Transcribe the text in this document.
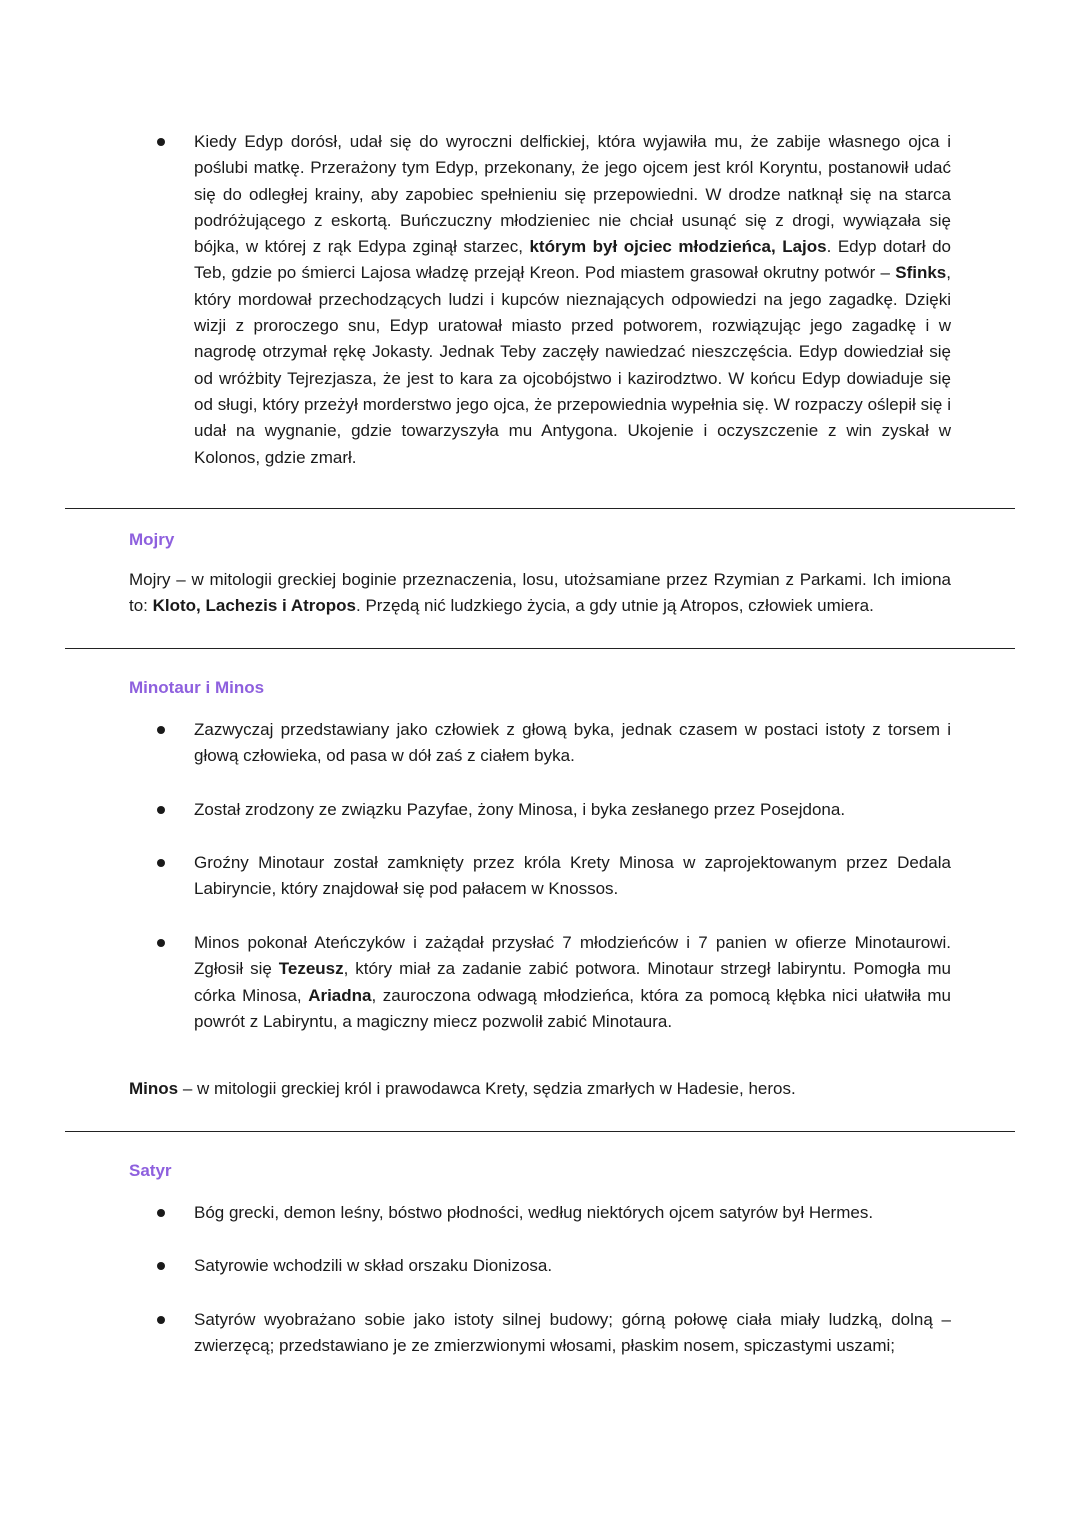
Kiedy Edyp dorósł, udał się do wyroczni delfickiej, która wyjawiła mu, że zabije własnego ojca i poślubi matkę. Przerażony tym Edyp, przekonany, że jego ojcem jest król Koryntu, postanowił udać się do odległej krainy, aby zapobiec spełnieniu się przepowiedni. W drodze natknął się na starca podróżującego z eskortą. Buńczuczny młodzieniec nie chciał usunąć się z drogi, wywiązała się bójka, w której z rąk Edypa zginął starzec, którym był ojciec młodzieńca, Lajos. Edyp dotarł do Teb, gdzie po śmierci Lajosa władzę przejął Kreon. Pod miastem grasował okrutny potwór – Sfinks, który mordował przechodzących ludzi i kupców nieznających odpowiedzi na jego zagadkę. Dzięki wizji z proroczego snu, Edyp uratował miasto przed potworem, rozwiązując jego zagadkę i w nagrodę otrzymał rękę Jokasty. Jednak Teby zaczęły nawiedzać nieszczęścia. Edyp dowiedział się od wróżbity Tejrezjasza, że jest to kara za ojcobójstwo i kazirodztwo. W końcu Edyp dowiaduje się od sługi, który przeżył morderstwo jego ojca, że przepowiednia wypełnia się. W rozpaczy oślepił się i udał na wygnanie, gdzie towarzyszyła mu Antygona. Ukojenie i oczyszczenie z win zyskał w Kolonos, gdzie zmarł.
Mojry
Mojry – w mitologii greckiej boginie przeznaczenia, losu, utożsamiane przez Rzymian z Parkami. Ich imiona to: Kloto, Lachezis i Atropos. Przędą nić ludzkiego życia, a gdy utnie ją Atropos, człowiek umiera.
Minotaur i Minos
Zazwyczaj przedstawiany jako człowiek z głową byka, jednak czasem w postaci istoty z torsem i głową człowieka, od pasa w dół zaś z ciałem byka.
Został zrodzony ze związku Pazyfae, żony Minosa, i byka zesłanego przez Posejdona.
Groźny Minotaur został zamknięty przez króla Krety Minosa w zaprojektowanym przez Dedala Labiryncie, który znajdował się pod pałacem w Knossos.
Minos pokonał Ateńczyków i zażądał przysłać 7 młodzieńców i 7 panien w ofierze Minotaurowi. Zgłosił się Tezeusz, który miał za zadanie zabić potwora. Minotaur strzegł labiryntu. Pomogła mu córka Minosa, Ariadna, zauroczona odwagą młodzieńca, która za pomocą kłębka nici ułatwiła mu powrót z Labiryntu, a magiczny miecz pozwolił zabić Minotaura.
Minos – w mitologii greckiej król i prawodawca Krety, sędzia zmarłych w Hadesie, heros.
Satyr
Bóg grecki, demon leśny, bóstwo płodności, według niektórych ojcem satyrów był Hermes.
Satyrowie wchodzili w skład orszaku Dionizosa.
Satyrów wyobrażano sobie jako istoty silnej budowy; górną połowę ciała miały ludzką, dolną – zwierzęcą; przedstawiano je ze zmierzwionymi włosami, płaskim nosem, spiczastymi uszami;
